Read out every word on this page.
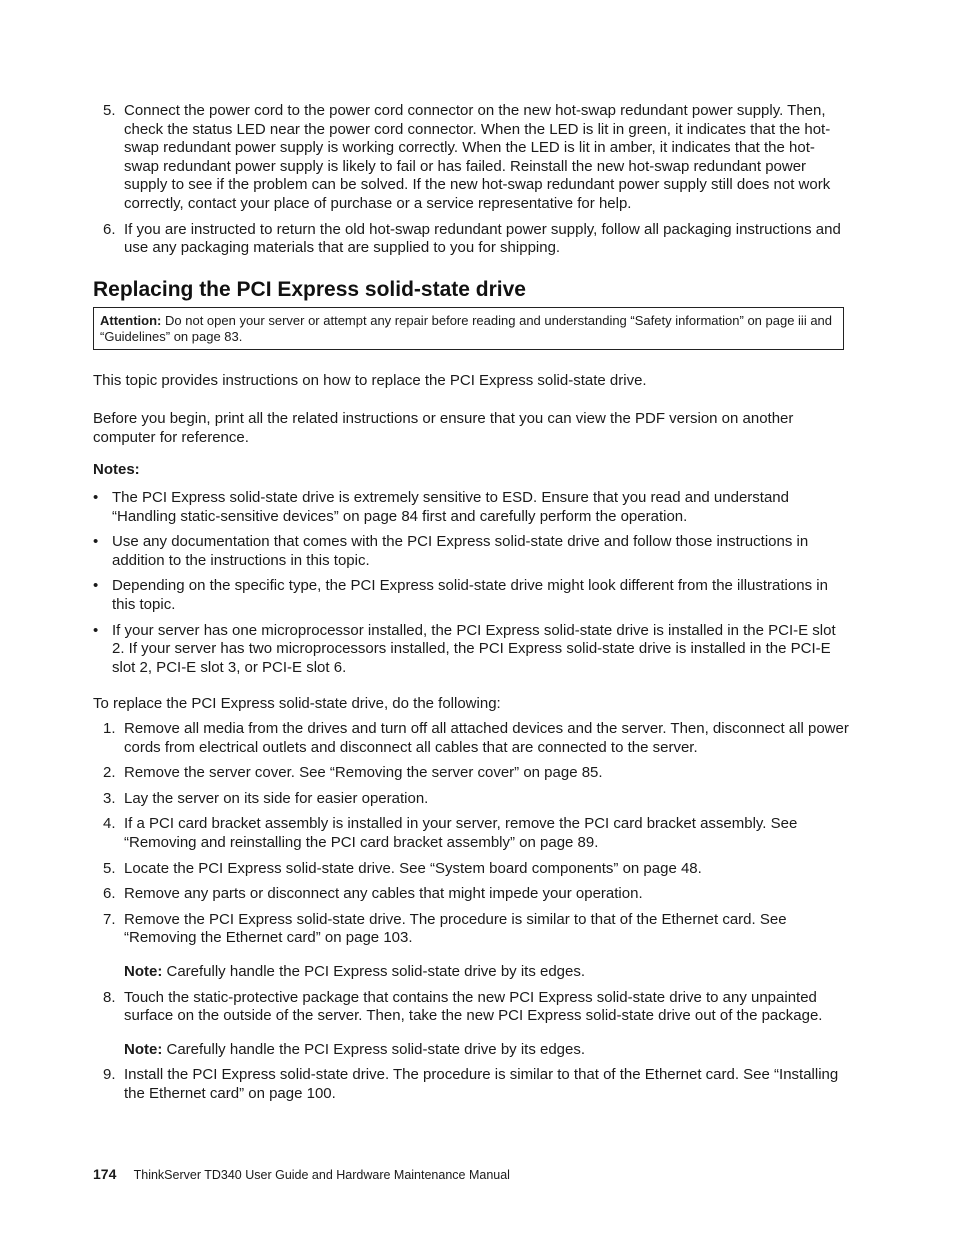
5. Connect the power cord to the power cord connector on the new hot-swap redundant power supply. Then, check the status LED near the power cord connector. When the LED is lit in green, it indicates that the hot-swap redundant power supply is working correctly. When the LED is lit in amber, it indicates that the hot-swap redundant power supply is likely to fail or has failed. Reinstall the new hot-swap redundant power supply to see if the problem can be solved. If the new hot-swap redundant power supply still does not work correctly, contact your place of purchase or a service representative for help.
6. If you are instructed to return the old hot-swap redundant power supply, follow all packaging instructions and use any packaging materials that are supplied to you for shipping.
Replacing the PCI Express solid-state drive
Attention: Do not open your server or attempt any repair before reading and understanding “Safety information” on page iii and “Guidelines” on page 83.
This topic provides instructions on how to replace the PCI Express solid-state drive.
Before you begin, print all the related instructions or ensure that you can view the PDF version on another computer for reference.
Notes:
• The PCI Express solid-state drive is extremely sensitive to ESD. Ensure that you read and understand “Handling static-sensitive devices” on page 84 first and carefully perform the operation.
• Use any documentation that comes with the PCI Express solid-state drive and follow those instructions in addition to the instructions in this topic.
• Depending on the specific type, the PCI Express solid-state drive might look different from the illustrations in this topic.
• If your server has one microprocessor installed, the PCI Express solid-state drive is installed in the PCI-E slot 2. If your server has two microprocessors installed, the PCI Express solid-state drive is installed in the PCI-E slot 2, PCI-E slot 3, or PCI-E slot 6.
To replace the PCI Express solid-state drive, do the following:
1. Remove all media from the drives and turn off all attached devices and the server. Then, disconnect all power cords from electrical outlets and disconnect all cables that are connected to the server.
2. Remove the server cover. See “Removing the server cover” on page 85.
3. Lay the server on its side for easier operation.
4. If a PCI card bracket assembly is installed in your server, remove the PCI card bracket assembly. See “Removing and reinstalling the PCI card bracket assembly” on page 89.
5. Locate the PCI Express solid-state drive. See “System board components” on page 48.
6. Remove any parts or disconnect any cables that might impede your operation.
7. Remove the PCI Express solid-state drive. The procedure is similar to that of the Ethernet card. See “Removing the Ethernet card” on page 103.
Note: Carefully handle the PCI Express solid-state drive by its edges.
8. Touch the static-protective package that contains the new PCI Express solid-state drive to any unpainted surface on the outside of the server. Then, take the new PCI Express solid-state drive out of the package.
Note: Carefully handle the PCI Express solid-state drive by its edges.
9. Install the PCI Express solid-state drive. The procedure is similar to that of the Ethernet card. See “Installing the Ethernet card” on page 100.
174 ThinkServer TD340 User Guide and Hardware Maintenance Manual
